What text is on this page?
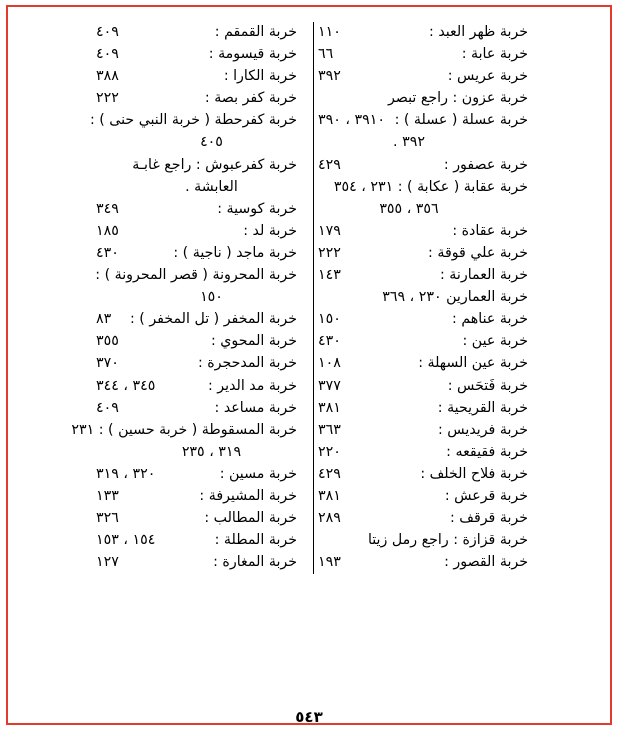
خربة ظهر العبد :
١١٠
خربة عابة :
٦٦
خربة عريس :
٣٩٢
خربة عزون : راجع تبصر
خربة عسلة ( عسلة ) :
٣٩١٠ ، ٣٩٠
٣٩٢ .
خربة عصفور :
٤٢٩
خربة عقابة ( عكابة ) : ٢٣١ ، ٣٥٤
٣٥٦ ، ٣٥٥
خربة عقادة :
١٧٩
خربة علي قوقة :
٢٢٢
خربة العمارنة :
١٤٣
خربة العمارين ٢٣٠ ، ٣٦٩
خربة عناهم :
١٥٠
خربة عين :
٤٣٠
خربة عين السهلة :
١٠٨
خربة فَتحَس :
٣٧٧
خربة القريحية :
٣٨١
خربة فريديس :
٣٦٣
خربة فقيقعه :
٢٢٠
خربة فلاح الخلف :
٤٢٩
خربة قرعش :
٣٨١
خربة قرقف :
٢٨٩
خربة قزازة : راجع رمل زيتا
خربة القصور :
١٩٣
خربة القمقم :
٤٠٩
خربة قيسومة :
٤٠٩
خربة الكارا :
٣٨٨
خربة كفر بصة :
٢٢٢
خربة كفرحطة ( خربة النبي حنى ) :
٤٠٥
خربة كفرعبوش : راجع غابـة
العابشة .
خربة كوسية :
٣٤٩
خربة لد :
١٨٥
خربة ماجد ( ناجية ) :
٤٣٠
خربة المحرونة ( قصر المحرونة ) :
١٥٠
خربة المخفر ( تل المخفر ) :
٨٣
خربة المحوي :
٣٥٥
خربة المدحجرة :
٣٧٠
خربة مد الدير :
٣٤٥ ، ٣٤٤
خربة مساعد :
٤٠٩
خربة المسقوطة ( خربة حسين ) : ٢٣١
٣١٩ ، ٢٣٥
خربة مسين :
٣٢٠ ، ٣١٩
خربة المشيرفة :
١٣٣
خربة المطالب :
٣٢٦
خربة المطلة :
١٥٤ ، ١٥٣
خربة المغارة :
١٢٧
٥٤٣
